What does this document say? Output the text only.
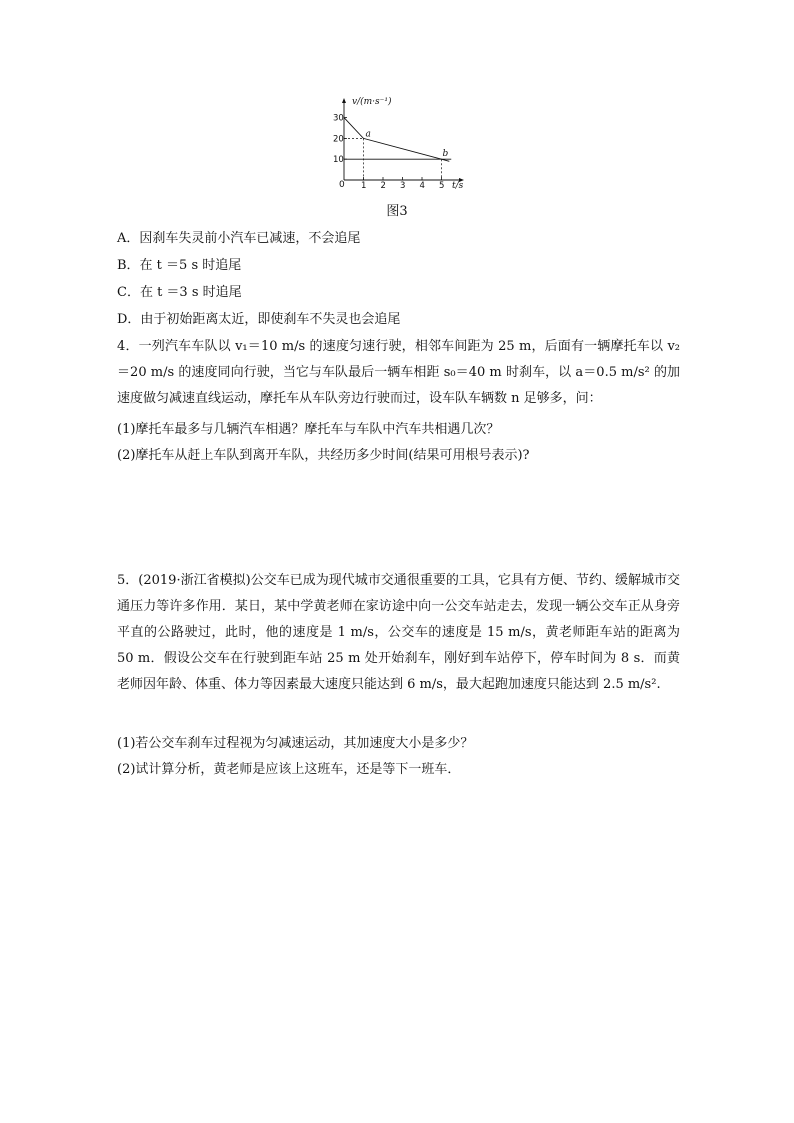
10
20
30
1 2 3 4 5
v/(m·s⁻¹)
t/s
0
a
b
图3
A．因刹车失灵前小汽车已减速，不会追尾
B．在 t ＝5 s 时追尾
C．在 t ＝3 s 时追尾
D．由于初始距离太近，即使刹车不失灵也会追尾
4．一列汽车车队以 v₁＝10 m/s 的速度匀速行驶，相邻车间距为 25 m，后面有一辆摩托车以 v₂＝20 m/s 的速度同向行驶，当它与车队最后一辆车相距 s₀＝40 m 时刹车，以 a＝0.5 m/s² 的加速度做匀减速直线运动，摩托车从车队旁边行驶而过，设车队车辆数 n 足够多，问：
(1)摩托车最多与几辆汽车相遇？摩托车与车队中汽车共相遇几次？
(2)摩托车从赶上车队到离开车队，共经历多少时间(结果可用根号表示)?
5．(2019·浙江省模拟)公交车已成为现代城市交通很重要的工具，它具有方便、节约、缓解城市交通压力等许多作用．某日，某中学黄老师在家访途中向一公交车站走去，发现一辆公交车正从身旁平直的公路驶过，此时，他的速度是 1 m/s，公交车的速度是 15 m/s，黄老师距车站的距离为 50 m．假设公交车在行驶到距车站 25 m 处开始刹车，刚好到车站停下，停车时间为 8 s．而黄老师因年龄、体重、体力等因素最大速度只能达到 6 m/s，最大起跑加速度只能达到 2.5 m/s².
(1)若公交车刹车过程视为匀减速运动，其加速度大小是多少？
(2)试计算分析，黄老师是应该上这班车，还是等下一班车．
